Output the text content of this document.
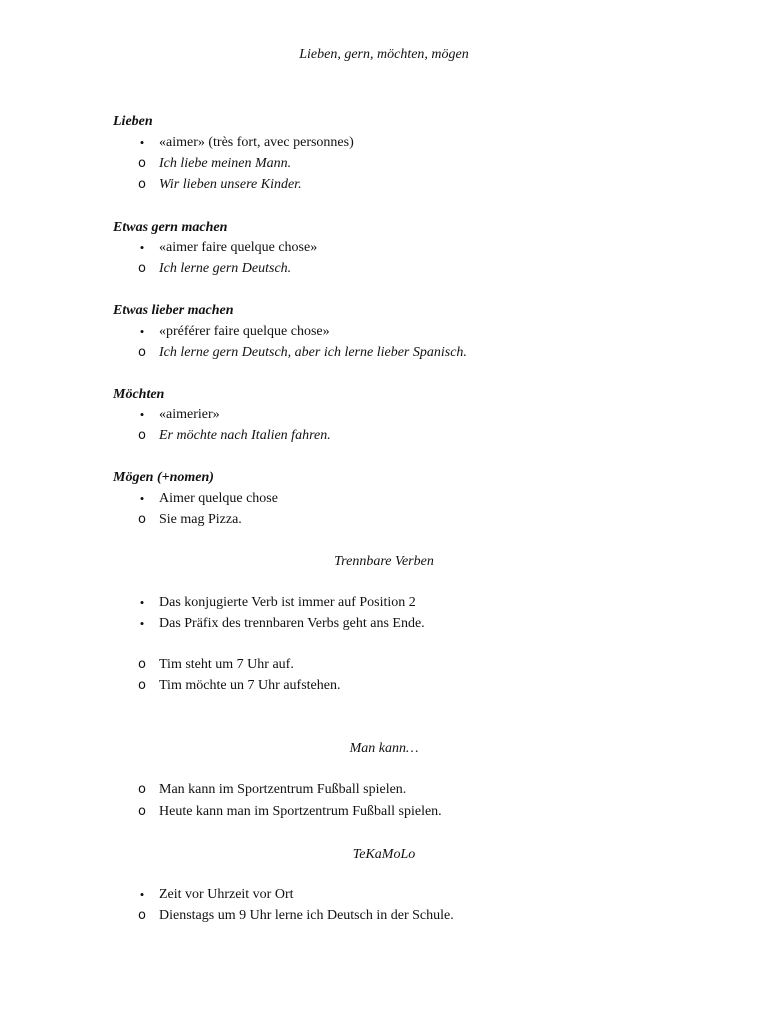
Lieben, gern, möchten, mögen
Lieben
• «aimer» (très fort, avec personnes)
o Ich liebe meinen Mann.
o Wir lieben unsere Kinder.
Etwas gern machen
• «aimer faire quelque chose»
o Ich lerne gern Deutsch.
Etwas lieber machen
• «préférer faire quelque chose»
o Ich lerne gern Deutsch, aber ich lerne lieber Spanisch.
Möchten
• «aimerier»
o Er möchte nach Italien fahren.
Mögen (+nomen)
• Aimer quelque chose
o Sie mag Pizza.
Trennbare Verben
• Das konjugierte Verb ist immer auf Position 2
• Das Präfix des trennbaren Verbs geht ans Ende.
o Tim steht um 7 Uhr auf.
o Tim möchte un 7 Uhr aufstehen.
Man kann…
o Man kann im Sportzentrum Fußball spielen.
o Heute kann man im Sportzentrum Fußball spielen.
TeKaMoLo
• Zeit vor Uhrzeit vor Ort
o Dienstags um 9 Uhr lerne ich Deutsch in der Schule.
